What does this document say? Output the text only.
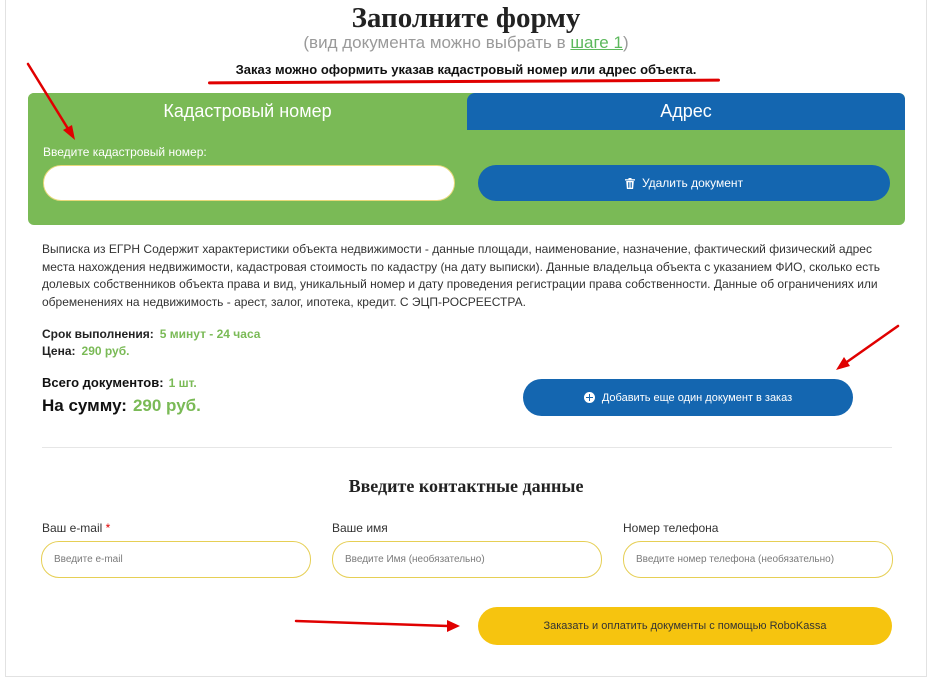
Заполните форму
(вид документа можно выбрать в шаге 1)
Заказ можно оформить указав кадастровый номер или адрес объекта.
Кадастровый номер	Адрес
Введите кадастровый номер:
Удалить документ

Выписка из ЕГРН Содержит характеристики объекта недвижимости - данные площади, наименование, назначение, фактический физический адрес места нахождения недвижимости, кадастровая стоимость по кадастру (на дату выписки). Данные владельца объекта с указанием ФИО, сколько есть долевых собственников объекта права и вид, уникальный номер и дату проведения регистрации права собственности. Данные об ограничениях или обременениях на недвижимость - арест, залог, ипотека, кредит. С ЭЦП-РОСРЕЕСТРА.

Срок выполнения: 5 минут - 24 часа
Цена: 290 руб.
Всего документов: 1 шт.
На сумму: 290 руб.	Добавить еще один документ в заказ
Введите контактные данные
Ваш e-mail *	Ваше имя	Номер телефона
Введите e-mail
Введите Имя (необязательно)
Введите номер телефона (необязательно)
Заказать и оплатить документы с помощью RoboKassa
